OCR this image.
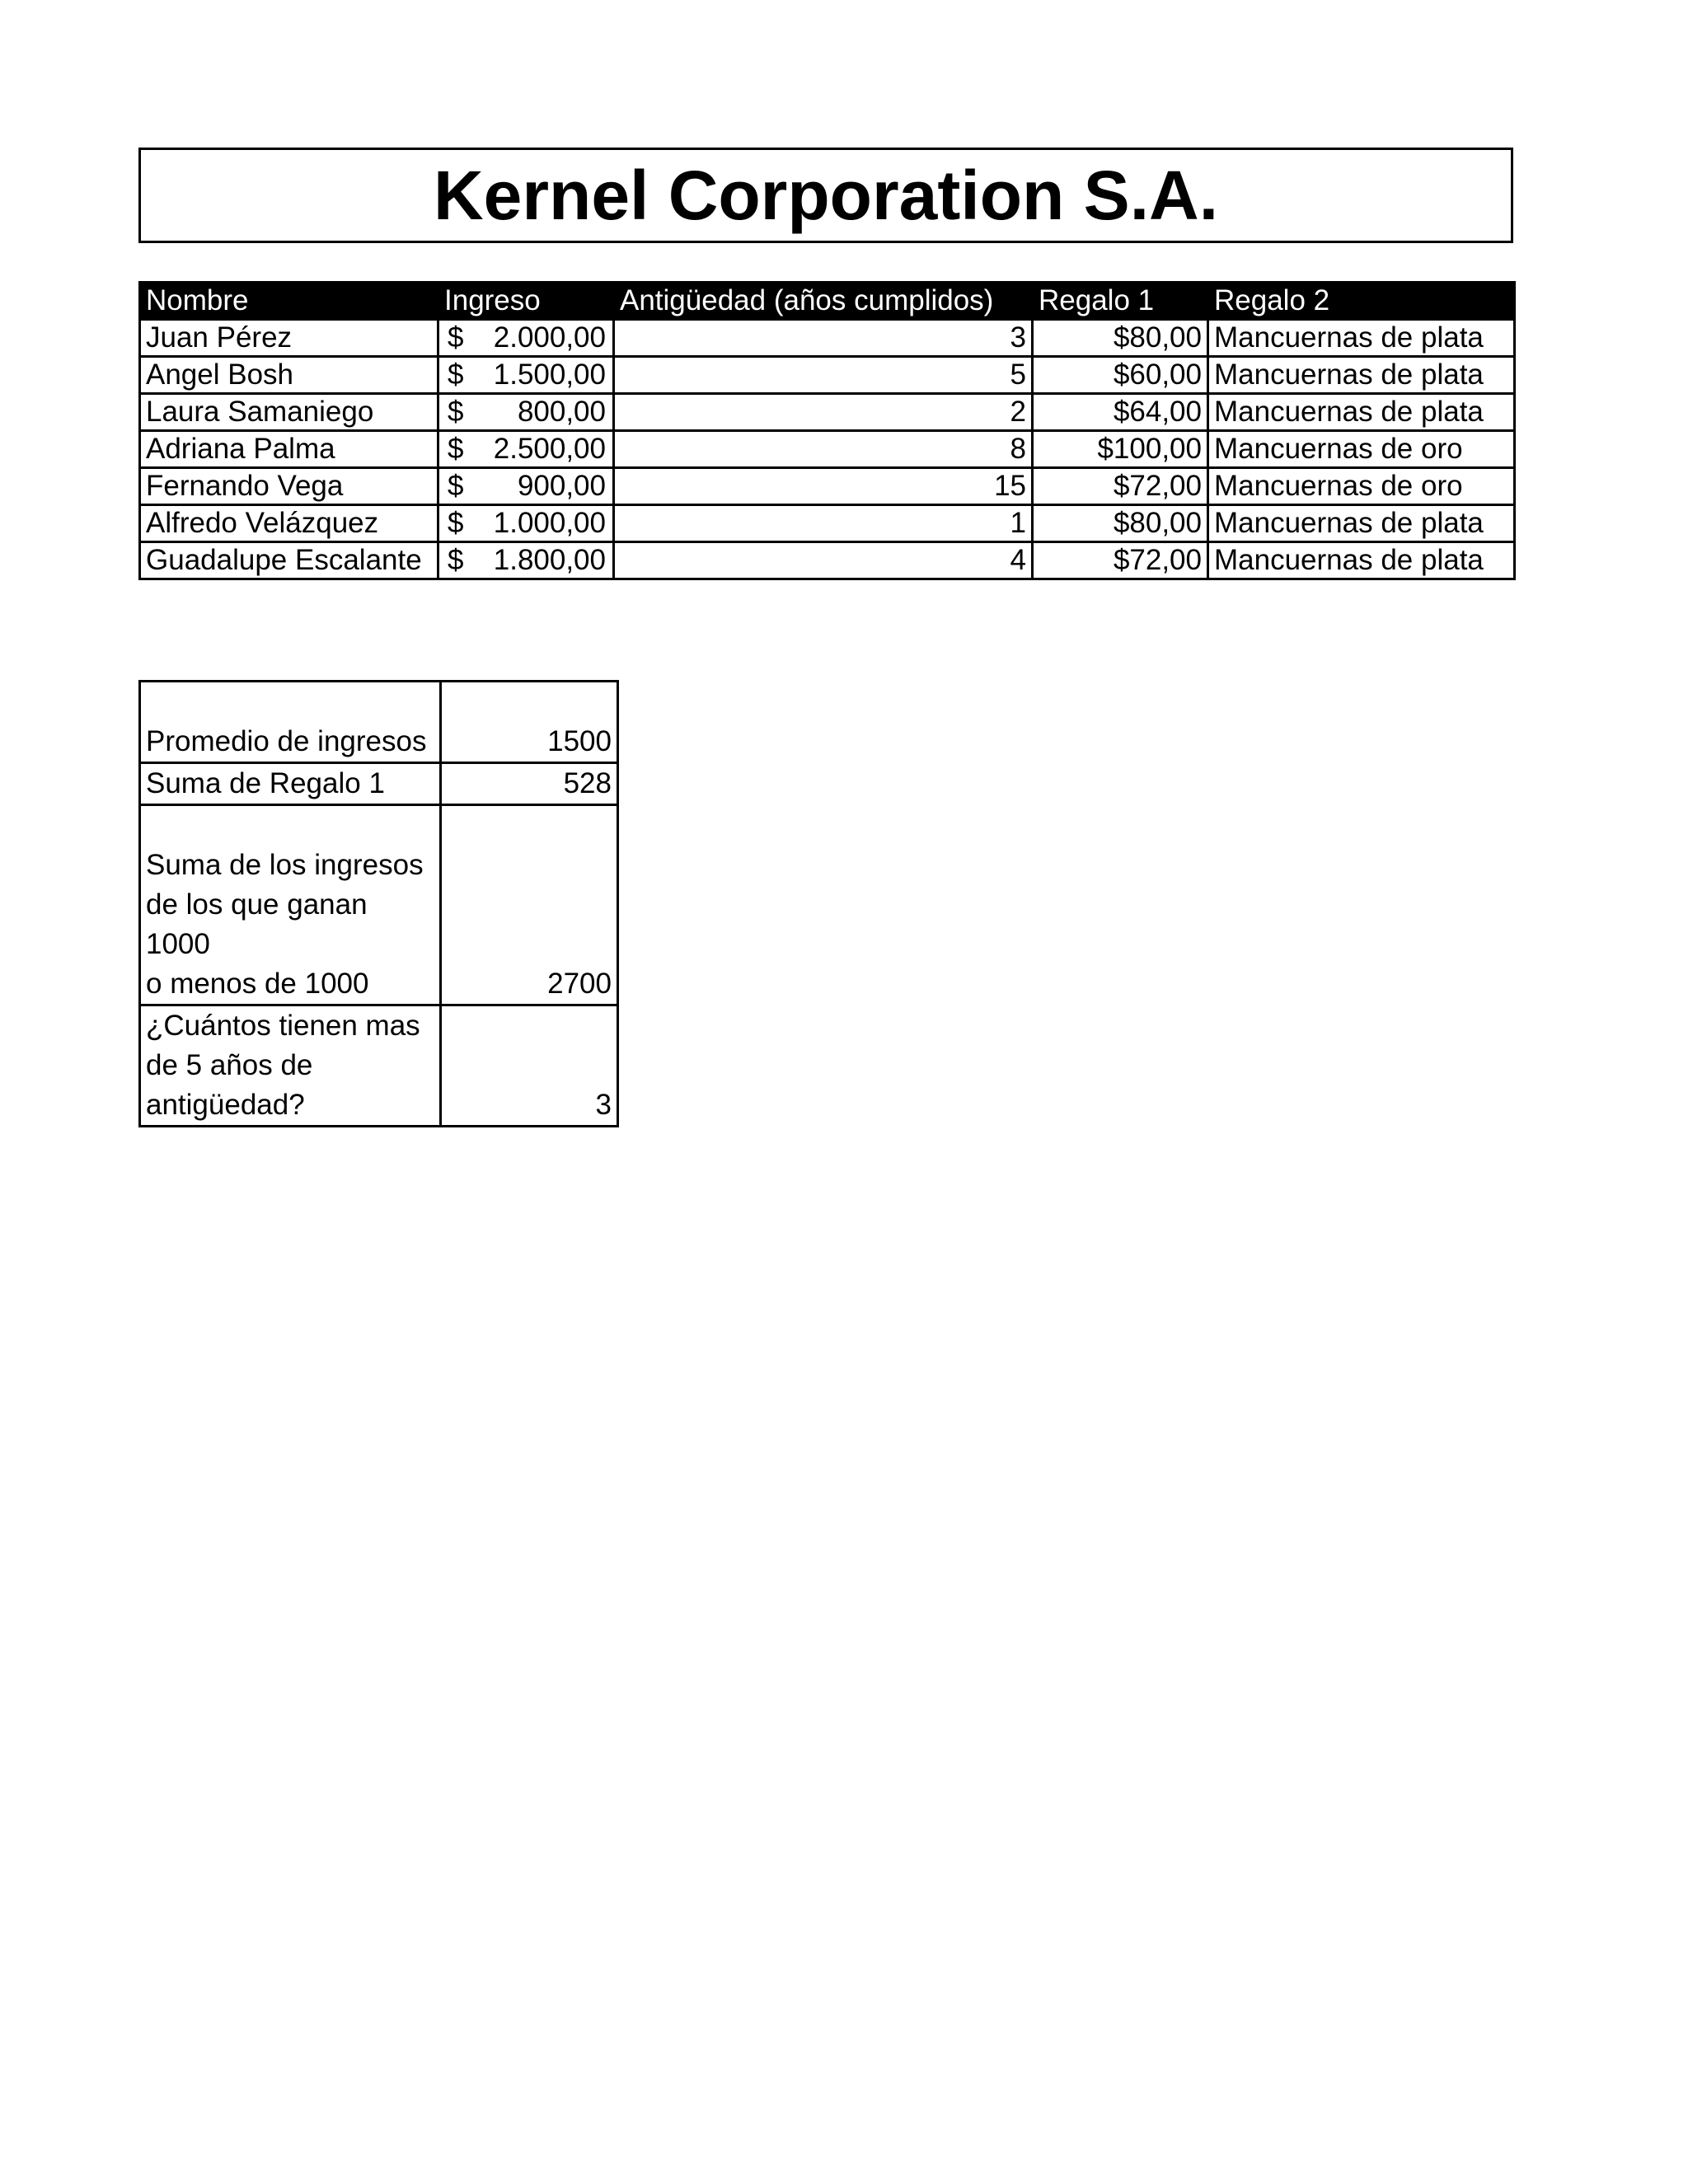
Kernel Corporation S.A.
Nombre	Ingreso	Antigüedad (años cumplidos)	Regalo 1	Regalo 2
Juan Pérez	$ 2.000,00	3	$80,00	Mancuernas de plata
Angel Bosh	$ 1.500,00	5	$60,00	Mancuernas de plata
Laura Samaniego	$ 800,00	2	$64,00	Mancuernas de plata
Adriana Palma	$ 2.500,00	8	$100,00	Mancuernas de oro
Fernando Vega	$ 900,00	15	$72,00	Mancuernas de oro
Alfredo Velázquez	$ 1.000,00	1	$80,00	Mancuernas de plata
Guadalupe Escalante	$ 1.800,00	4	$72,00	Mancuernas de plata

Promedio de ingresos	1500

Suma de Regalo 1	528

Suma de los ingresos
de los que ganan 1000
o menos de 1000	2700

¿Cuántos tienen mas
de 5 años de
antigüedad?	3
